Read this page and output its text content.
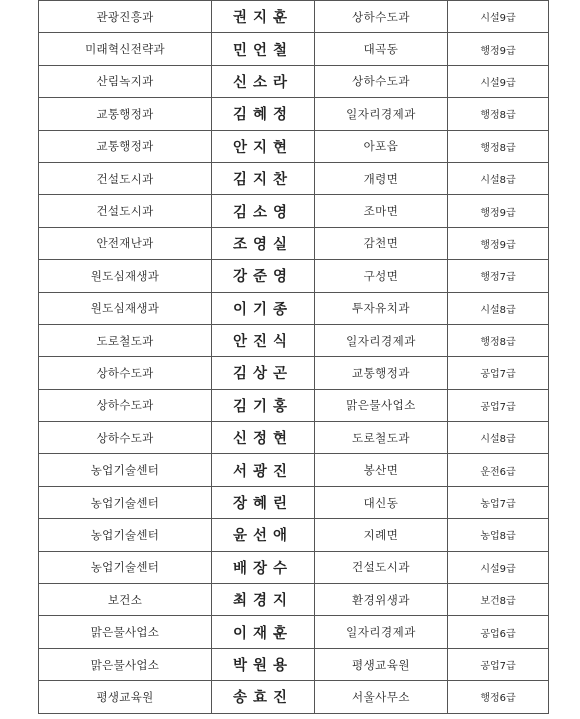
관광진흥과	권지훈	상하수도과	시설9급
미래혁신전략과	민언철	대곡동	행정9급
산림녹지과	신소라	상하수도과	시설9급
교통행정과	김혜정	일자리경제과	행정8급
교통행정과	안지현	아포읍	행정8급
건설도시과	김지찬	개령면	시설8급
건설도시과	김소영	조마면	행정9급
안전재난과	조영실	감천면	행정9급
원도심재생과	강준영	구성면	행정7급
원도심재생과	이기종	투자유치과	시설8급
도로철도과	안진식	일자리경제과	행정8급
상하수도과	김상곤	교통행정과	공업7급
상하수도과	김기홍	맑은물사업소	공업7급
상하수도과	신정현	도로철도과	시설8급
농업기술센터	서광진	봉산면	운전6급
농업기술센터	장혜린	대신동	농업7급
농업기술센터	윤선애	지례면	농업8급
농업기술센터	배장수	건설도시과	시설9급
보건소	최경지	환경위생과	보건8급
맑은물사업소	이재훈	일자리경제과	공업6급
맑은물사업소	박원용	평생교육원	공업7급
평생교육원	송효진	서울사무소	행정6급
